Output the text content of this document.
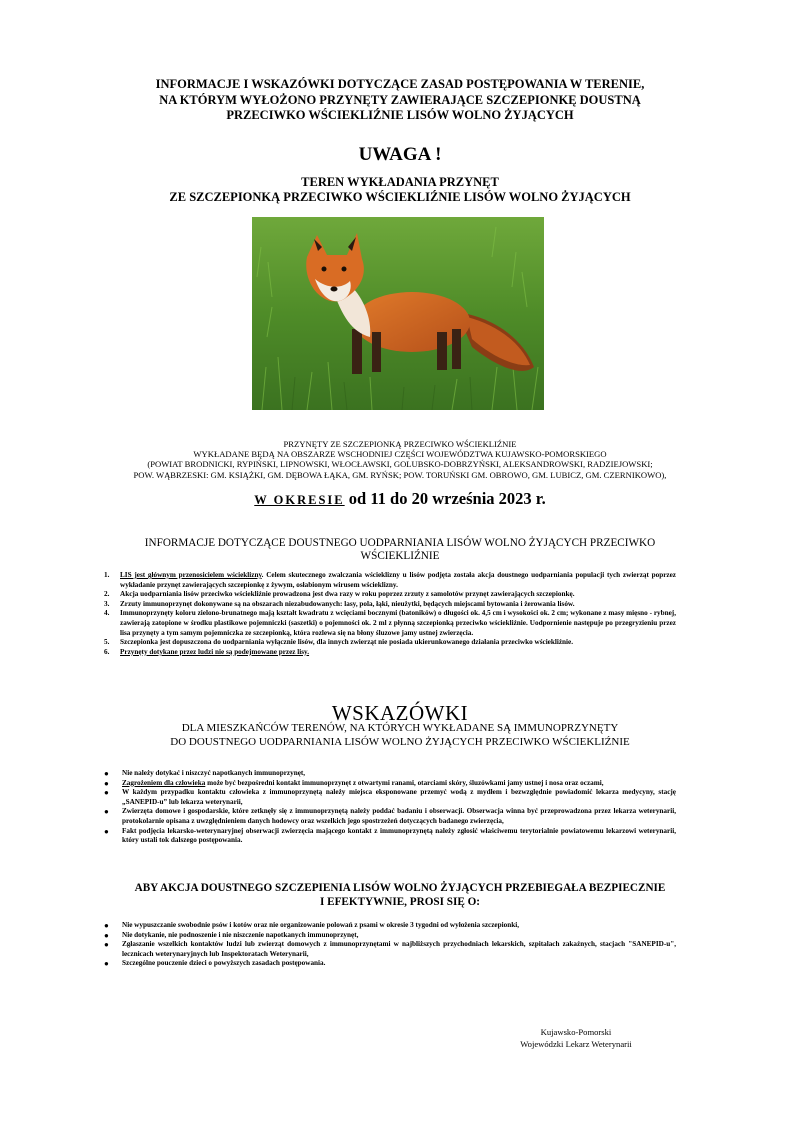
INFORMACJE I WSKAZÓWKI DOTYCZĄCE ZASAD POSTĘPOWANIA W TERENIE,
NA KTÓRYM WYŁOŻONO PRZYNĘTY ZAWIERAJĄCE SZCZEPIONKĘ DOUSTNĄ
PRZECIWKO WŚCIEKLIŹNIE LISÓW WOLNO ŻYJĄCYCH
UWAGA !
TEREN WYKŁADANIA PRZYNĘT
ZE SZCZEPIONKĄ PRZECIWKO WŚCIEKLIŹNIE LISÓW WOLNO ŻYJĄCYCH
PRZYNĘTY ZE SZCZEPIONKĄ PRZECIWKO WŚCIEKLIŹNIE
WYKŁADANE BĘDĄ NA OBSZARZE WSCHODNIEJ CZĘŚCI WOJEWÓDZTWA KUJAWSKO-POMORSKIEGO
(POWIAT BRODNICKI, RYPIŃSKI, LIPNOWSKI, WŁOCŁAWSKI, GOLUBSKO-DOBRZYŃSKI, ALEKSANDROWSKI, RADZIEJOWSKI;
POW. WĄBRZESKI: GM. KSIĄŻKI, GM. DĘBOWA ŁĄKA, GM. RYŃSK; POW. TORUŃSKI GM. OBROWO, GM. LUBICZ, GM. CZERNIKOWO),
W OKRESIE od 11 do 20 września 2023 r.
INFORMACJE DOTYCZĄCE DOUSTNEGO UODPARNIANIA LISÓW WOLNO ŻYJĄCYCH PRZECIWKO WŚCIEKLIŹNIE
1. LIS jest głównym przenosicielem wścieklizny. Celem skutecznego zwalczania wścieklizny u lisów podjęta została akcja doustnego uodparniania populacji tych zwierząt poprzez wykładanie przynęt zawierających szczepionkę z żywym, osłabionym wirusem wścieklizny.
2. Akcja uodparniania lisów przeciwko wściekliźnie prowadzona jest dwa razy w roku poprzez zrzuty z samolotów przynęt zawierających szczepionkę.
3. Zrzuty immunoprzynęt dokonywane są na obszarach niezabudowanych: lasy, pola, łąki, nieużytki, będących miejscami bytowania i żerowania lisów.
4. Immunoprzynęty koloru zielono-brunatnego mają kształt kwadratu z wcięciami bocznymi (batoników) o długości ok. 4,5 cm i wysokości ok. 2 cm; wykonane z masy mięsno - rybnej, zawierają zatopione w środku plastikowe pojemniczki (saszetki) o pojemności ok. 2 ml z płynną szczepionką przeciwko wściekliźnie. Uodpornienie następuje po przegryzieniu przez lisa przynęty a tym samym pojemniczka ze szczepionką, która rozlewa się na błony śluzowe jamy ustnej zwierzęcia.
5. Szczepionka jest dopuszczona do uodparniania wyłącznie lisów, dla innych zwierząt nie posiada ukierunkowanego działania przeciwko wściekliźnie.
6. Przynęty dotykane przez ludzi nie są podejmowane przez lisy.
WSKAZÓWKI
DLA MIESZKAŃCÓW TERENÓW, NA KTÓRYCH WYKŁADANE SĄ IMMUNOPRZYNĘTY
DO DOUSTNEGO UODPARNIANIA LISÓW WOLNO ŻYJĄCYCH PRZECIWKO WŚCIEKLIŹNIE
● Nie należy dotykać i niszczyć napotkanych immunoprzynęt,
● Zagrożeniem dla człowieka może być bezpośredni kontakt immunoprzynęt z otwartymi ranami, otarciami skóry, śluzówkami jamy ustnej i nosa oraz oczami,
● W każdym przypadku kontaktu człowieka z immunoprzynętą należy miejsca eksponowane przemyć wodą z mydłem i bezwzględnie powiadomić lekarza medycyny, stację „SANEPID-u” lub lekarza weterynarii,
● Zwierzęta domowe i gospodarskie, które zetknęły się z immunoprzynętą należy poddać badaniu i obserwacji. Obserwacja winna być przeprowadzona przez lekarza weterynarii, protokolarnie opisana z uwzględnieniem danych hodowcy oraz wszelkich jego spostrzeżeń dotyczących badanego zwierzęcia,
● Fakt podjęcia lekarsko-weterynaryjnej obserwacji zwierzęcia mającego kontakt z immunoprzynętą należy zgłosić właściwemu terytorialnie powiatowemu lekarzowi weterynarii, który ustali tok dalszego postępowania.
ABY AKCJA DOUSTNEGO SZCZEPIENIA LISÓW WOLNO ŻYJĄCYCH PRZEBIEGAŁA BEZPIECZNIE
I EFEKTYWNIE, PROSI SIĘ O:
● Nie wypuszczanie swobodnie psów i kotów oraz nie organizowanie polowań z psami w okresie 3 tygodni od wyłożenia szczepionki,
● Nie dotykanie, nie podnoszenie i nie niszczenie napotkanych immunoprzynęt,
● Zgłaszanie wszelkich kontaktów ludzi lub zwierząt domowych z immunoprzynętami w najbliższych przychodniach lekarskich, szpitalach zakaźnych, stacjach "SANEPID-u", lecznicach weterynaryjnych lub Inspektoratach Weterynarii,
● Szczególne pouczenie dzieci o powyższych zasadach postępowania.
Kujawsko-Pomorski
Wojewódzki Lekarz Weterynarii
